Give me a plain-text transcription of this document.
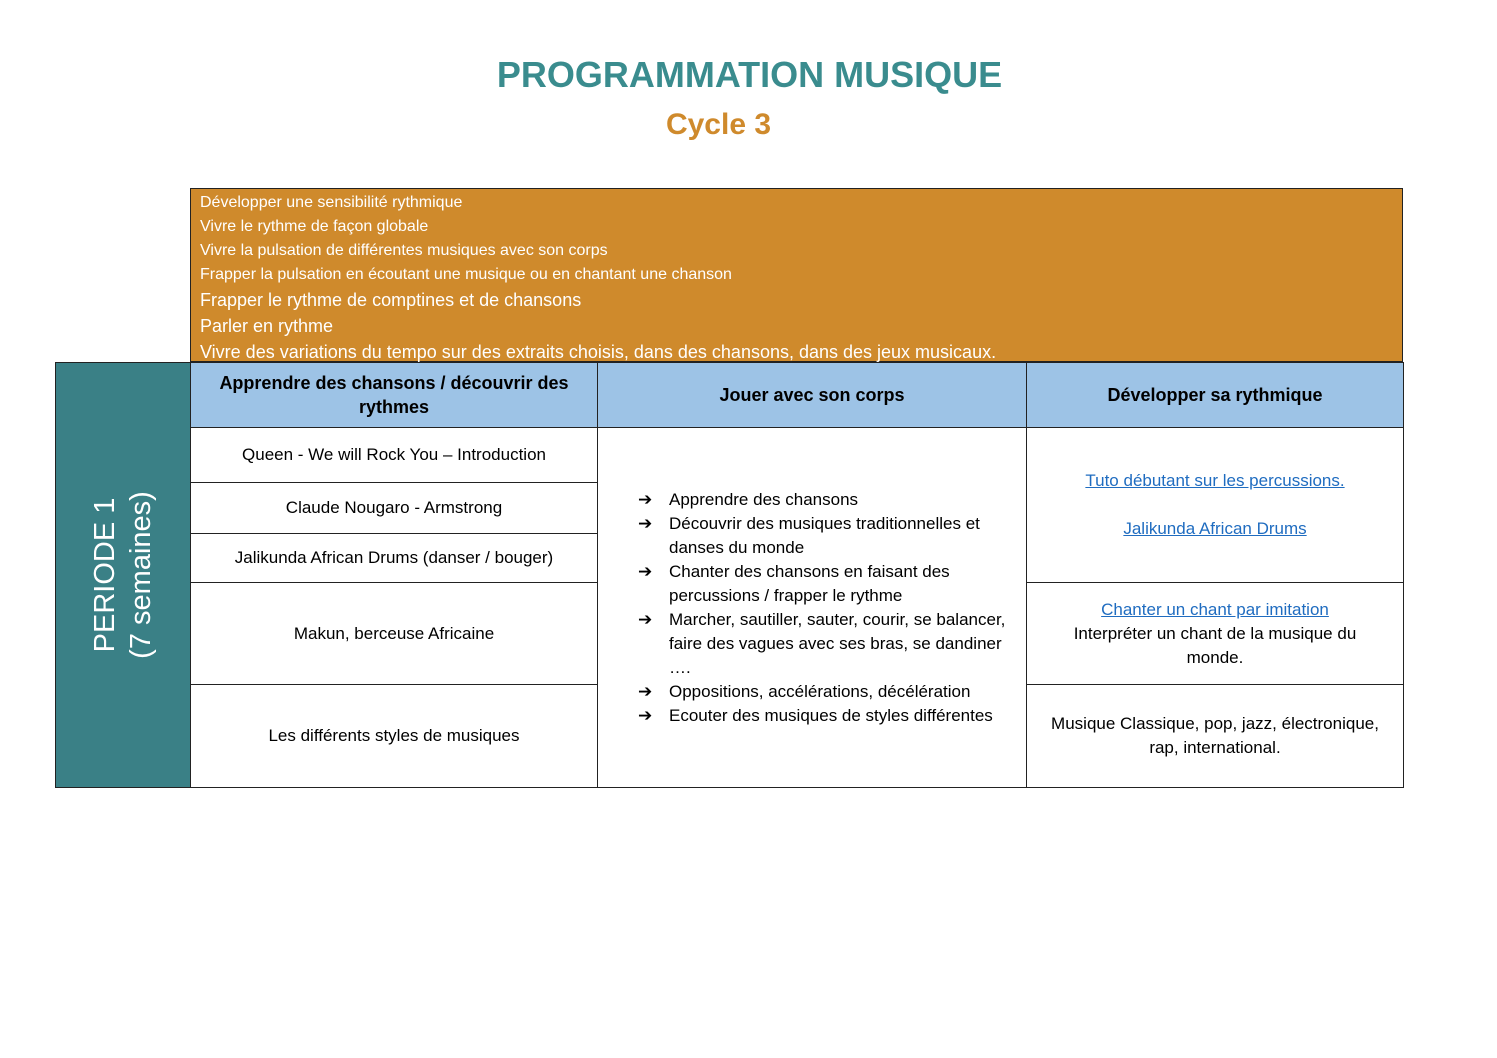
PROGRAMMATION MUSIQUE
Cycle 3
Développer une sensibilité rythmique
Vivre le rythme de façon globale
Vivre la pulsation de différentes musiques avec son corps
Frapper la pulsation en écoutant une musique ou en chantant une chanson
Frapper le rythme de comptines et de chansons
Parler en rythme
Vivre des variations du tempo sur des extraits choisis, dans des chansons, dans des jeux musicaux.
PERIODE 1 (7 semaines)
Apprendre des chansons / découvrir des rythmes
Jouer avec son corps	Développer sa rythmique
Queen - We will Rock You – Introduction
Claude Nougaro - Armstrong
Jalikunda African Drums (danser / bouger)
Makun, berceuse Africaine
Les différents styles de musiques
➔ Apprendre des chansons
➔ Découvrir des musiques traditionnelles et danses du monde
➔ Chanter des chansons en faisant des percussions / frapper le rythme
➔ Marcher, sautiller, sauter, courir, se balancer, faire des vagues avec ses bras, se dandiner ….
➔ Oppositions, accélérations, décélération
➔ Ecouter des musiques de styles différentes
Tuto débutant sur les percussions.
Jalikunda African Drums
Chanter un chant par imitation
Interpréter un chant de la musique du monde.
Musique Classique, pop, jazz, électronique, rap, international.
